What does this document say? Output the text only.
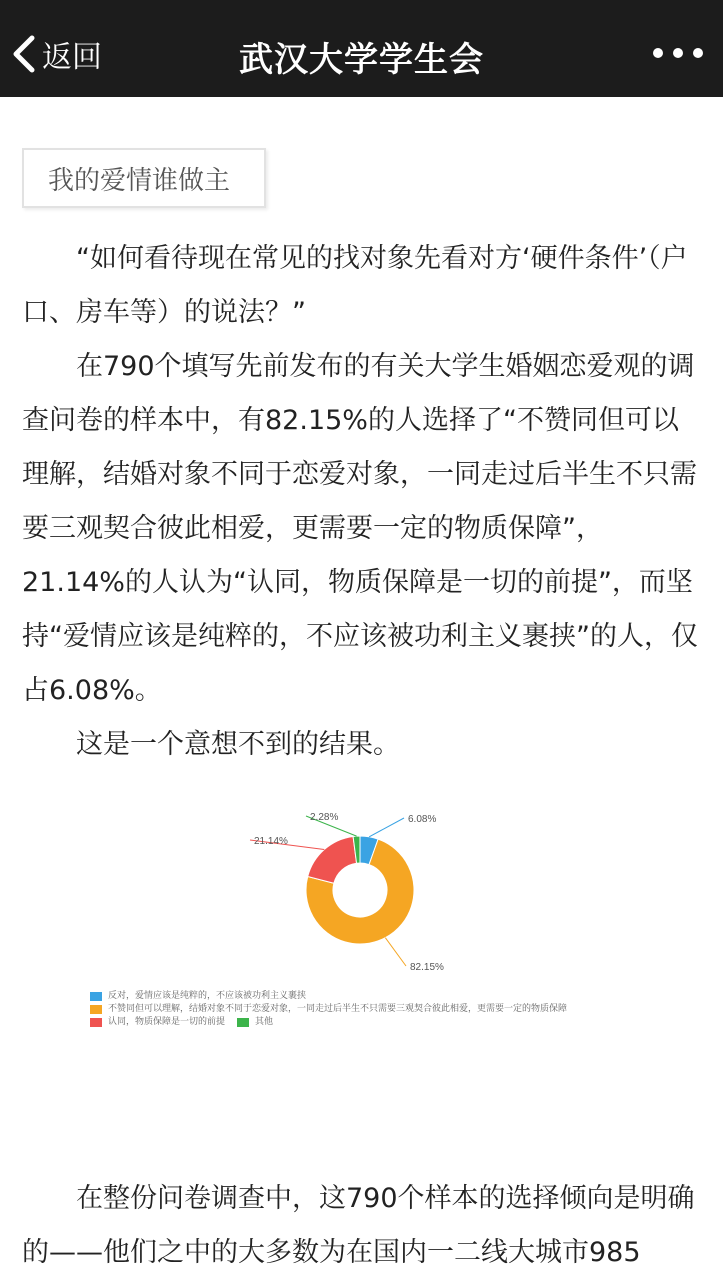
返回	武汉大学学生会
我的爱情谁做主

“如何看待现在常见的找对象先看对方‘硬件条件’（户口、房车等）的说法？”

在790个填写先前发布的有关大学生婚姻恋爱观的调查问卷的样本中，有82.15%的人选择了“不赞同但可以理解，结婚对象不同于恋爱对象，一同走过后半生不只需要三观契合彼此相爱，更需要一定的物质保障”，21.14%的人认为“认同，物质保障是一切的前提”，而坚持“爱情应该是纯粹的，不应该被功利主义裹挟”的人，仅占6.08%。

这是一个意想不到的结果。

6.08%
82.15%
21.14%
2.28%
反对，爱情应该是纯粹的，不应该被功利主义裹挟
不赞同但可以理解，结婚对象不同于恋爱对象，一同走过后半生不只需要三观契合彼此相爱，更需要一定的物质保障
认同，物质保障是一切的前提	其他

在整份问卷调查中，这790个样本的选择倾向是明确的——他们之中的大多数为在国内一二线大城市985
